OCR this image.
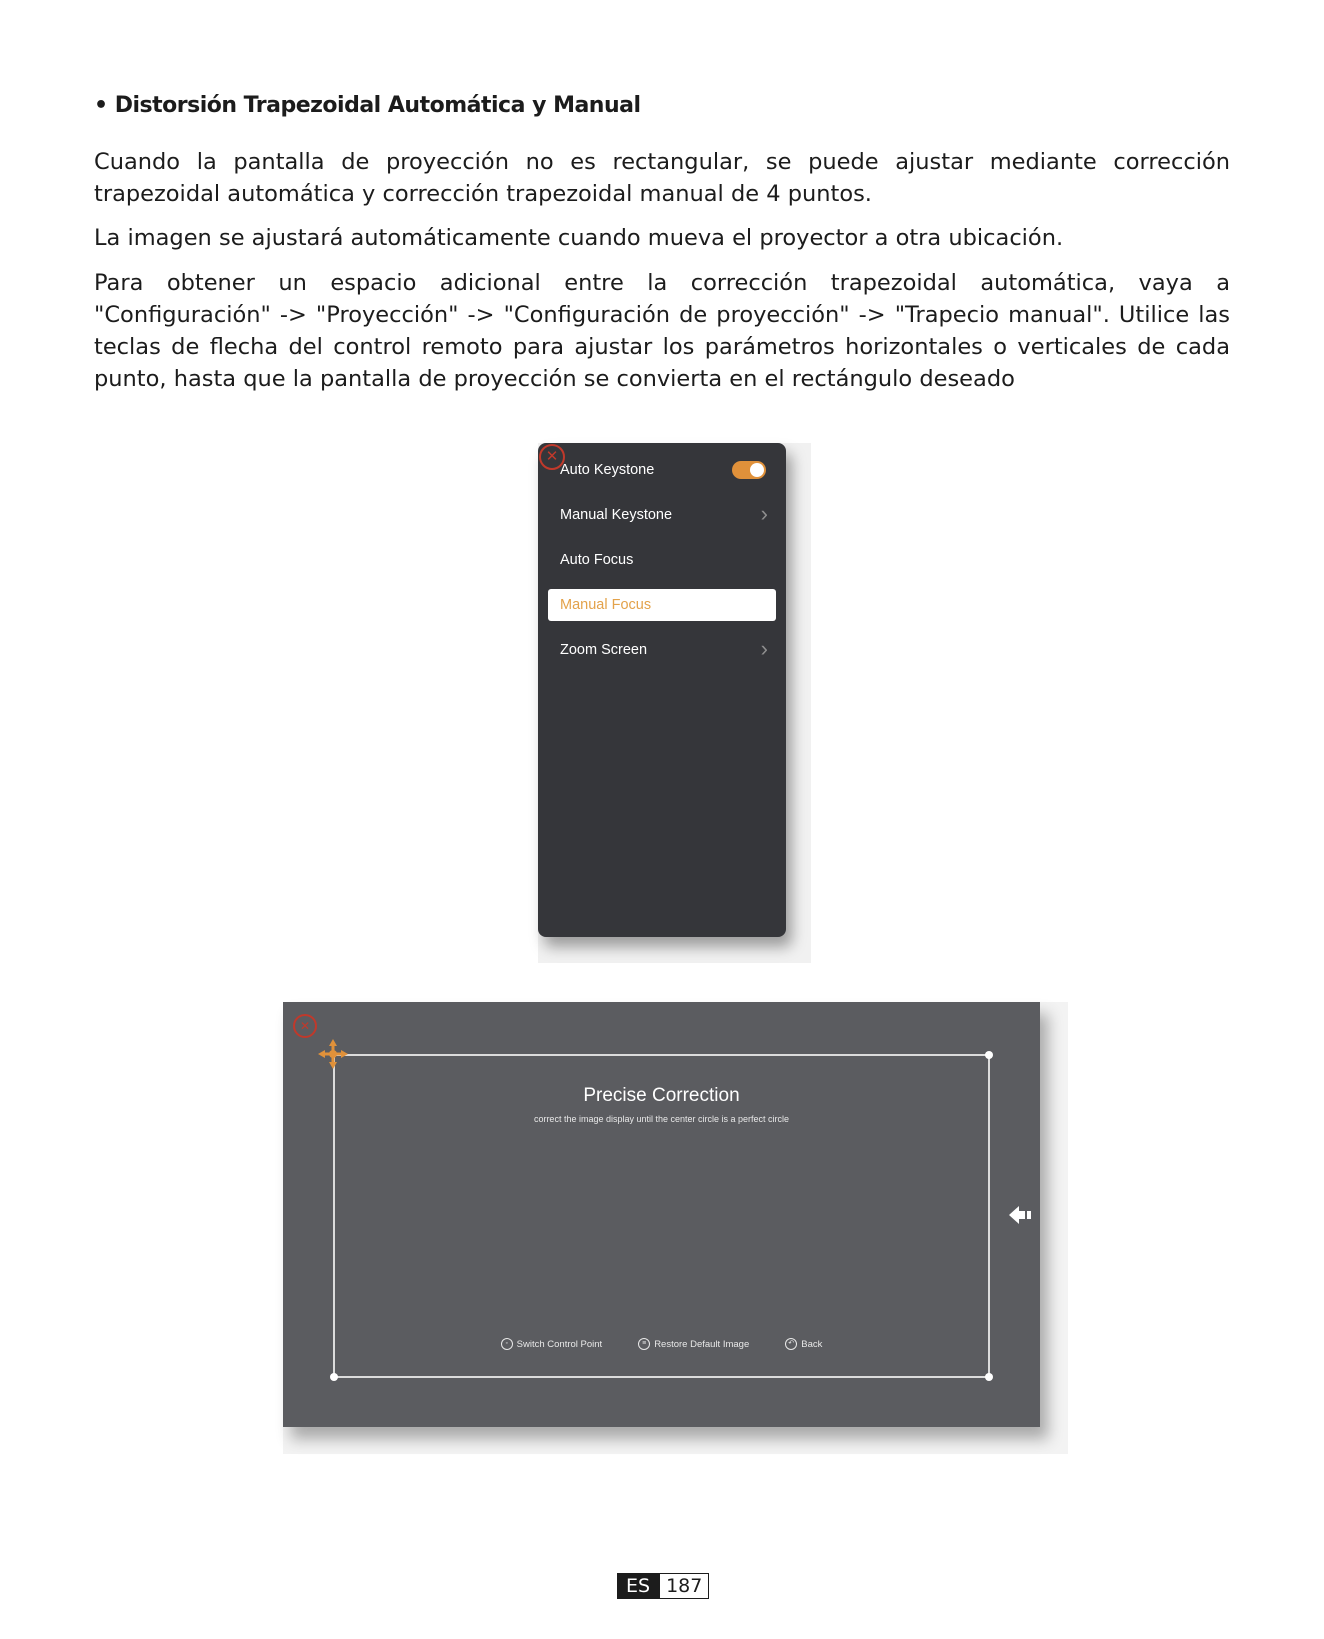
• Distorsión Trapezoidal Automática y Manual

Cuando la pantalla de proyección no es rectangular, se puede ajustar mediante corrección trapezoidal automática y corrección trapezoidal manual de 4 puntos.

La imagen se ajustará automáticamente cuando mueva el proyector a otra ubicación.

Para obtener un espacio adicional entre la corrección trapezoidal automática, vaya a "Configuración" -> "Proyección" -> "Configuración de proyección" -> "Trapecio manual". Utilice las teclas de flecha del control remoto para ajustar los parámetros horizontales o verticales de cada punto, hasta que la pantalla de proyección se convierta en el rectángulo deseado

✕
Auto Keystone
Manual Keystone	›
Auto Focus
Manual Focus
Zoom Screen	›
✕
Precise Correction
correct the image display until the center circle is a perfect circle
◦ Switch Control Point	≡ Restore Default Image	↶ Back
ES 187
